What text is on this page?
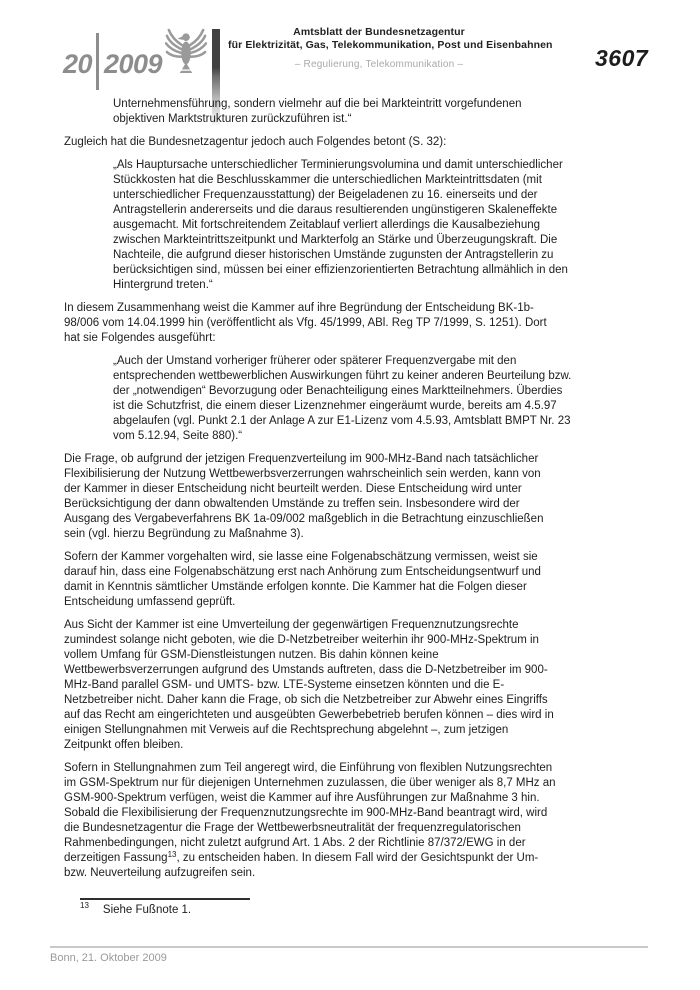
20 2009
Amtsblatt der Bundesnetzagentur
für Elektrizität, Gas, Telekommunikation, Post und Eisenbahnen
– Regulierung, Telekommunikation –	3607
Unternehmensführung, sondern vielmehr auf die bei Markteintritt vorgefundenen
objektiven Marktstrukturen zurückzuführen ist.“
Zugleich hat die Bundesnetzagentur jedoch auch Folgendes betont (S. 32):
„Als Hauptursache unterschiedlicher Terminierungsvolumina und damit unterschiedlicher
Stückkosten hat die Beschlusskammer die unterschiedlichen Markteintrittsdaten (mit
unterschiedlicher Frequenzausstattung) der Beigeladenen zu 16. einerseits und der
Antragstellerin andererseits und die daraus resultierenden ungünstigeren Skaleneffekte
ausgemacht. Mit fortschreitendem Zeitablauf verliert allerdings die Kausalbeziehung
zwischen Markteintrittszeitpunkt und Markterfolg an Stärke und Überzeugungskraft. Die
Nachteile, die aufgrund dieser historischen Umstände zugunsten der Antragstellerin zu
berücksichtigen sind, müssen bei einer effizienzorientierten Betrachtung allmählich in den
Hintergrund treten.“
In diesem Zusammenhang weist die Kammer auf ihre Begründung der Entscheidung BK-1b-
98/006 vom 14.04.1999 hin (veröffentlicht als Vfg. 45/1999, ABl. Reg TP 7/1999, S. 1251). Dort
hat sie Folgendes ausgeführt:
„Auch der Umstand vorheriger früherer oder späterer Frequenzvergabe mit den
entsprechenden wettbewerblichen Auswirkungen führt zu keiner anderen Beurteilung bzw.
der „notwendigen“ Bevorzugung oder Benachteiligung eines Marktteilnehmers. Überdies
ist die Schutzfrist, die einem dieser Lizenznehmer eingeräumt wurde, bereits am 4.5.97
abgelaufen (vgl. Punkt 2.1 der Anlage A zur E1-Lizenz vom 4.5.93, Amtsblatt BMPT Nr. 23
vom 5.12.94, Seite 880).“
Die Frage, ob aufgrund der jetzigen Frequenzverteilung im 900-MHz-Band nach tatsächlicher
Flexibilisierung der Nutzung Wettbewerbsverzerrungen wahrscheinlich sein werden, kann von
der Kammer in dieser Entscheidung nicht beurteilt werden. Diese Entscheidung wird unter
Berücksichtigung der dann obwaltenden Umstände zu treffen sein. Insbesondere wird der
Ausgang des Vergabeverfahrens BK 1a-09/002 maßgeblich in die Betrachtung einzuschließen
sein (vgl. hierzu Begründung zu Maßnahme 3).
Sofern der Kammer vorgehalten wird, sie lasse eine Folgenabschätzung vermissen, weist sie
darauf hin, dass eine Folgenabschätzung erst nach Anhörung zum Entscheidungsentwurf und
damit in Kenntnis sämtlicher Umstände erfolgen konnte. Die Kammer hat die Folgen dieser
Entscheidung umfassend geprüft.
Aus Sicht der Kammer ist eine Umverteilung der gegenwärtigen Frequenznutzungsrechte
zumindest solange nicht geboten, wie die D-Netzbetreiber weiterhin ihr 900-MHz-Spektrum in
vollem Umfang für GSM-Dienstleistungen nutzen. Bis dahin können keine
Wettbewerbsverzerrungen aufgrund des Umstands auftreten, dass die D-Netzbetreiber im 900-
MHz-Band parallel GSM- und UMTS- bzw. LTE-Systeme einsetzen könnten und die E-
Netzbetreiber nicht. Daher kann die Frage, ob sich die Netzbetreiber zur Abwehr eines Eingriffs
auf das Recht am eingerichteten und ausgeübten Gewerbebetrieb berufen können – dies wird in
einigen Stellungnahmen mit Verweis auf die Rechtsprechung abgelehnt –, zum jetzigen
Zeitpunkt offen bleiben.
Sofern in Stellungnahmen zum Teil angeregt wird, die Einführung von flexiblen Nutzungsrechten
im GSM-Spektrum nur für diejenigen Unternehmen zuzulassen, die über weniger als 8,7 MHz an
GSM-900-Spektrum verfügen, weist die Kammer auf ihre Ausführungen zur Maßnahme 3 hin.
Sobald die Flexibilisierung der Frequenznutzungsrechte im 900-MHz-Band beantragt wird, wird
die Bundesnetzagentur die Frage der Wettbewerbsneutralität der frequenzregulatorischen
Rahmenbedingungen, nicht zuletzt aufgrund Art. 1 Abs. 2 der Richtlinie 87/372/EWG in der
derzeitigen Fassung$^{13}$, zu entscheiden haben. In diesem Fall wird der Gesichtspunkt der Um-
bzw. Neuverteilung aufzugreifen sein.
$^{13}$ Siehe Fußnote 1.
Bonn, 21. Oktober 2009
